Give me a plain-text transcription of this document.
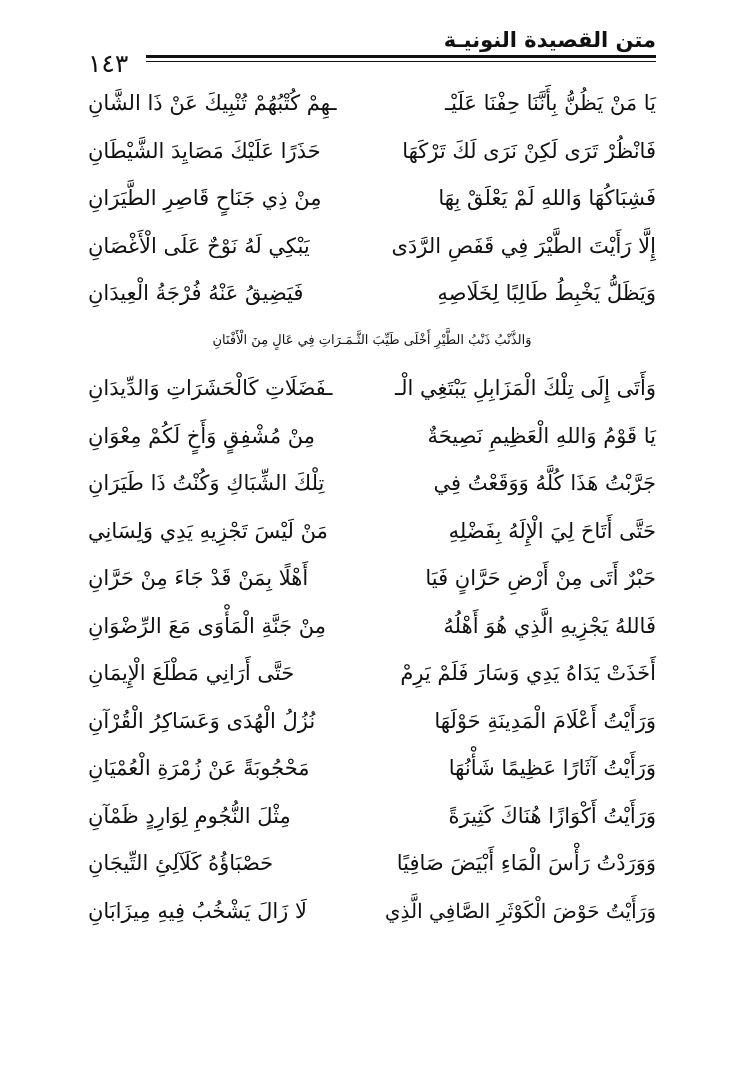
متن القصيدة النونيـة
١٤٣
يَا مَنْ يَظُنُّ بِأَنَّنَا حِفْنَا عَلَيْـ
ـهِمْ كُتْبُهُمْ تُنْبِيكَ عَنْ ذَا الشَّانِ
فَانْظُرْ تَرَى لَكِنْ نَرَى لَكَ تَرْكَهَا
حَذَرًا عَلَيْكَ مَصَايِدَ الشَّيْطَانِ
فَشِبَاكُهَا وَاللهِ لَمْ يَعْلَقْ بِهَا
مِنْ ذِي جَنَاحٍ قَاصِرِ الطَّيَرَانِ
إِلَّا رَأَيْتَ الطَّيْرَ فِي قَفَصِ الرَّدَى
يَبْكِي لَهُ نَوْحٌ عَلَى الْأَغْصَانِ
وَيَظَلُّ يَخْبِطُ طَالِبًا لِخَلَاصِهِ
فَيَضِيقُ عَنْهُ فُرْجَةُ الْعِيدَانِ
وَالذَّنْبُ ذَنْبُ الطَّيْرِ أَخْلَى طَيِّبَ الثَّـمَـرَاتِ فِي عَالٍ مِنَ الْأَفْنَانِ
وَأَتَى إِلَى تِلْكَ الْمَزَابِلِ يَبْتَغِي الْـ
ـفَضَلَاتِ كَالْحَشَرَاتِ وَالدِّيدَانِ
يَا قَوْمُ وَاللهِ الْعَظِيمِ نَصِيحَةٌ
مِنْ مُشْفِقٍ وَأَخٍ لَكُمْ مِعْوَانِ
جَرَّبْتُ هَذَا كُلَّهُ وَوَقَعْتُ فِي
تِلْكَ الشِّبَاكِ وَكُنْتُ ذَا طَيَرَانِ
حَتَّى أَتَاحَ لِيَ الْإِلَهُ بِفَضْلِهِ
مَنْ لَيْسَ تَجْزِيهِ يَدِي وَلِسَانِي
حَبْرٌ أَتَى مِنْ أَرْضِ حَرَّانٍ فَيَا
أَهْلًا بِمَنْ قَدْ جَاءَ مِنْ حَرَّانِ
فَاللهُ يَجْزِيهِ الَّذِي هُوَ أَهْلُهُ
مِنْ جَنَّةِ الْمَأْوَى مَعَ الرِّضْوَانِ
أَخَذَتْ يَدَاهُ يَدِي وَسَارَ فَلَمْ يَرِمْ
حَتَّى أَرَانِي مَطْلَعَ الْإِيمَانِ
وَرَأَيْتُ أَعْلَامَ الْمَدِينَةِ حَوْلَهَا
نُزُلُ الْهُدَى وَعَسَاكِرُ الْقُرْآنِ
وَرَأَيْتُ آثَارًا عَظِيمًا شَأْنُهَا
مَحْجُوبَةً عَنْ زُمْرَةِ الْعُمْيَانِ
وَرَأَيْتُ أَكْوَازًا هُنَاكَ كَثِيرَةً
مِثْلَ النُّجُومِ لِوَارِدٍ ظَمْآنِ
وَوَرَدْتُ رَأْسَ الْمَاءِ أَبْيَضَ صَافِيًا
حَصْبَاؤُهُ كَلَآلِئِ التِّيجَانِ
وَرَأَيْتُ حَوْضَ الْكَوْثَرِ الصَّافِي الَّذِي
لَا زَالَ يَشْخُبُ فِيهِ مِيزَابَانِ
